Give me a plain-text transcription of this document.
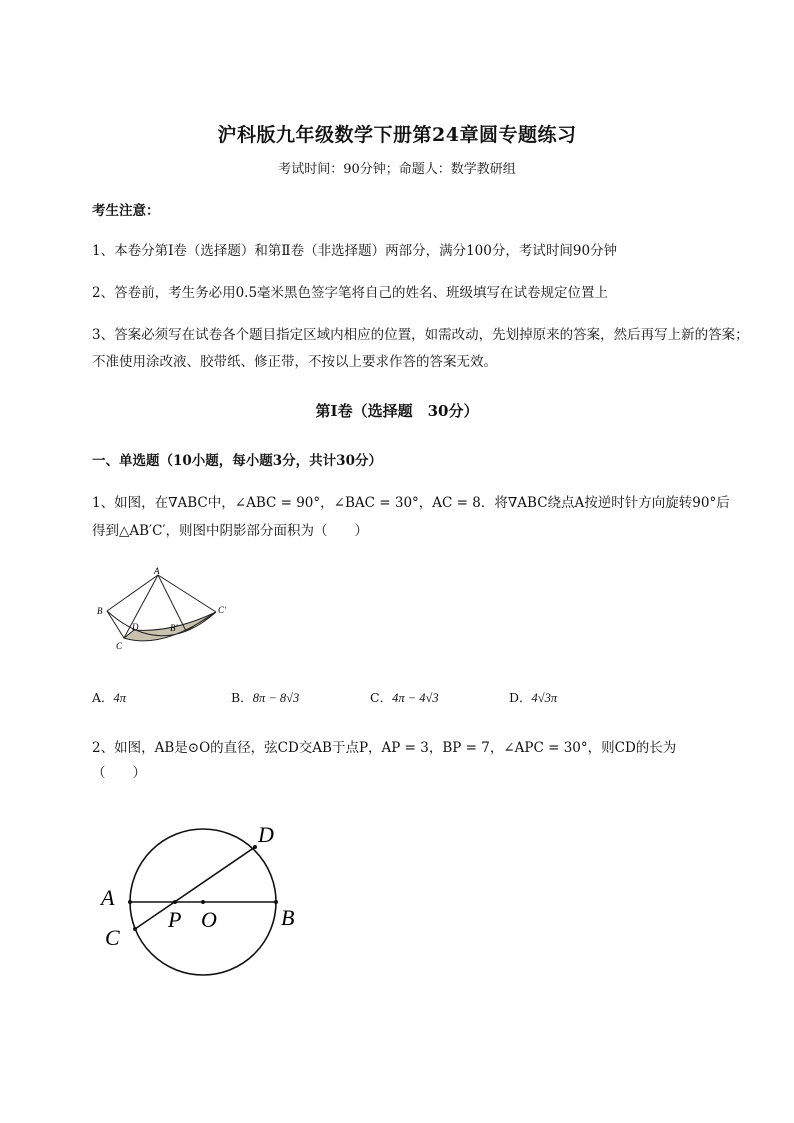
沪科版九年级数学下册第24章圆专题练习
考试时间：90分钟；命题人：数学教研组
考生注意：
1、本卷分第I卷（选择题）和第Ⅱ卷（非选择题）两部分，满分100分，考试时间90分钟
2、答卷前，考生务必用0.5毫米黑色签字笔将自己的姓名、班级填写在试卷规定位置上
3、答案必须写在试卷各个题目指定区域内相应的位置，如需改动，先划掉原来的答案，然后再写上新的答案；不准使用涂改液、胶带纸、修正带，不按以上要求作答的答案无效。
第I卷（选择题　30分）
一、单选题（10小题，每小题3分，共计30分）
1、如图，在∇ABC中，∠ABC = 90°，∠BAC = 30°，AC = 8．将∇ABC绕点A按逆时针方向旋转90°后
得到△AB′C′，则图中阴影部分面积为（　　）
A
B
C
C′
D	B′
A．4π	B．8π − 8√3	C．4π − 4√3	D．4√3π
2、如图，AB是⊙O的直径，弦CD交AB于点P，AP = 3，BP = 7，∠APC = 30°，则CD的长为
（　　）
A
B
C
D
P O
